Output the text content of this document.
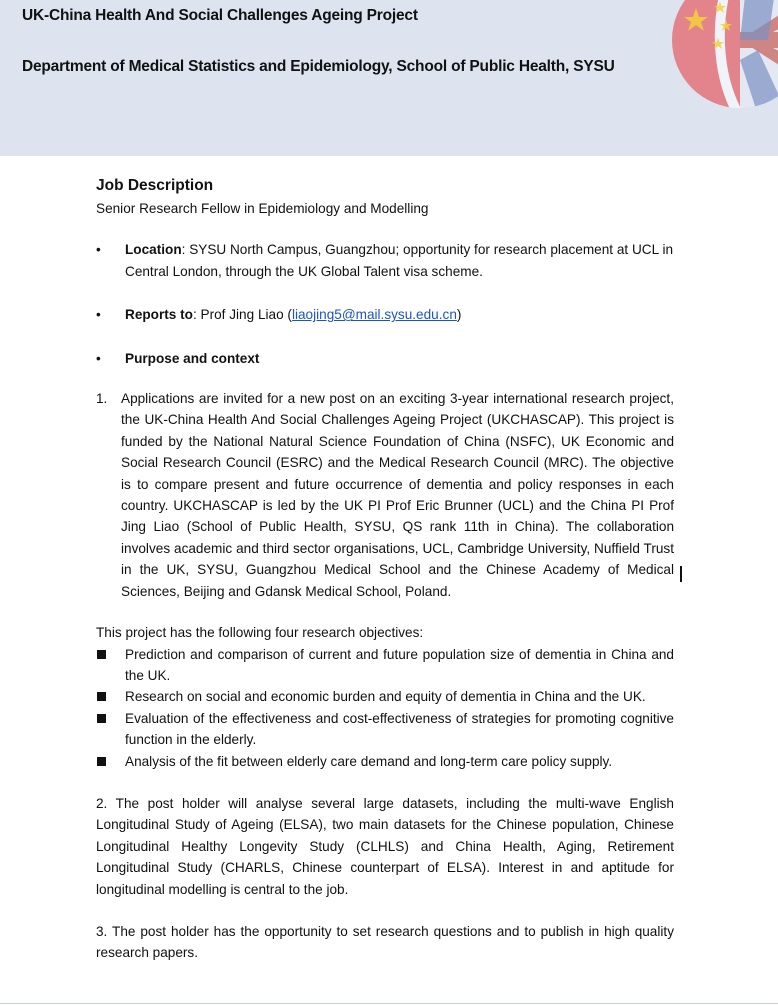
UK-China Health And Social Challenges Ageing Project
Department of Medical Statistics and Epidemiology, School of Public Health, SYSU
Job Description
Senior Research Fellow in Epidemiology and Modelling
• Location: SYSU North Campus, Guangzhou; opportunity for research placement at UCL in Central London, through the UK Global Talent visa scheme.
• Reports to: Prof Jing Liao (liaojing5@mail.sysu.edu.cn)
• Purpose and context
1. Applications are invited for a new post on an exciting 3-year international research project, the UK-China Health And Social Challenges Ageing Project (UKCHASCAP). This project is funded by the National Natural Science Foundation of China (NSFC), UK Economic and Social Research Council (ESRC) and the Medical Research Council (MRC). The objective is to compare present and future occurrence of dementia and policy responses in each country. UKCHASCAP is led by the UK PI Prof Eric Brunner (UCL) and the China PI Prof Jing Liao (School of Public Health, SYSU, QS rank 11th in China). The collaboration involves academic and third sector organisations, UCL, Cambridge University, Nuffield Trust in the UK, SYSU, Guangzhou Medical School and the Chinese Academy of Medical Sciences, Beijing and Gdansk Medical School, Poland.
This project has the following four research objectives:
Prediction and comparison of current and future population size of dementia in China and the UK.
Research on social and economic burden and equity of dementia in China and the UK.
Evaluation of the effectiveness and cost-effectiveness of strategies for promoting cognitive function in the elderly.
Analysis of the fit between elderly care demand and long-term care policy supply.
2. The post holder will analyse several large datasets, including the multi-wave English Longitudinal Study of Ageing (ELSA), two main datasets for the Chinese population, Chinese Longitudinal Healthy Longevity Study (CLHLS) and China Health, Aging, Retirement Longitudinal Study (CHARLS, Chinese counterpart of ELSA). Interest in and aptitude for longitudinal modelling is central to the job.
3. The post holder has the opportunity to set research questions and to publish in high quality research papers.
